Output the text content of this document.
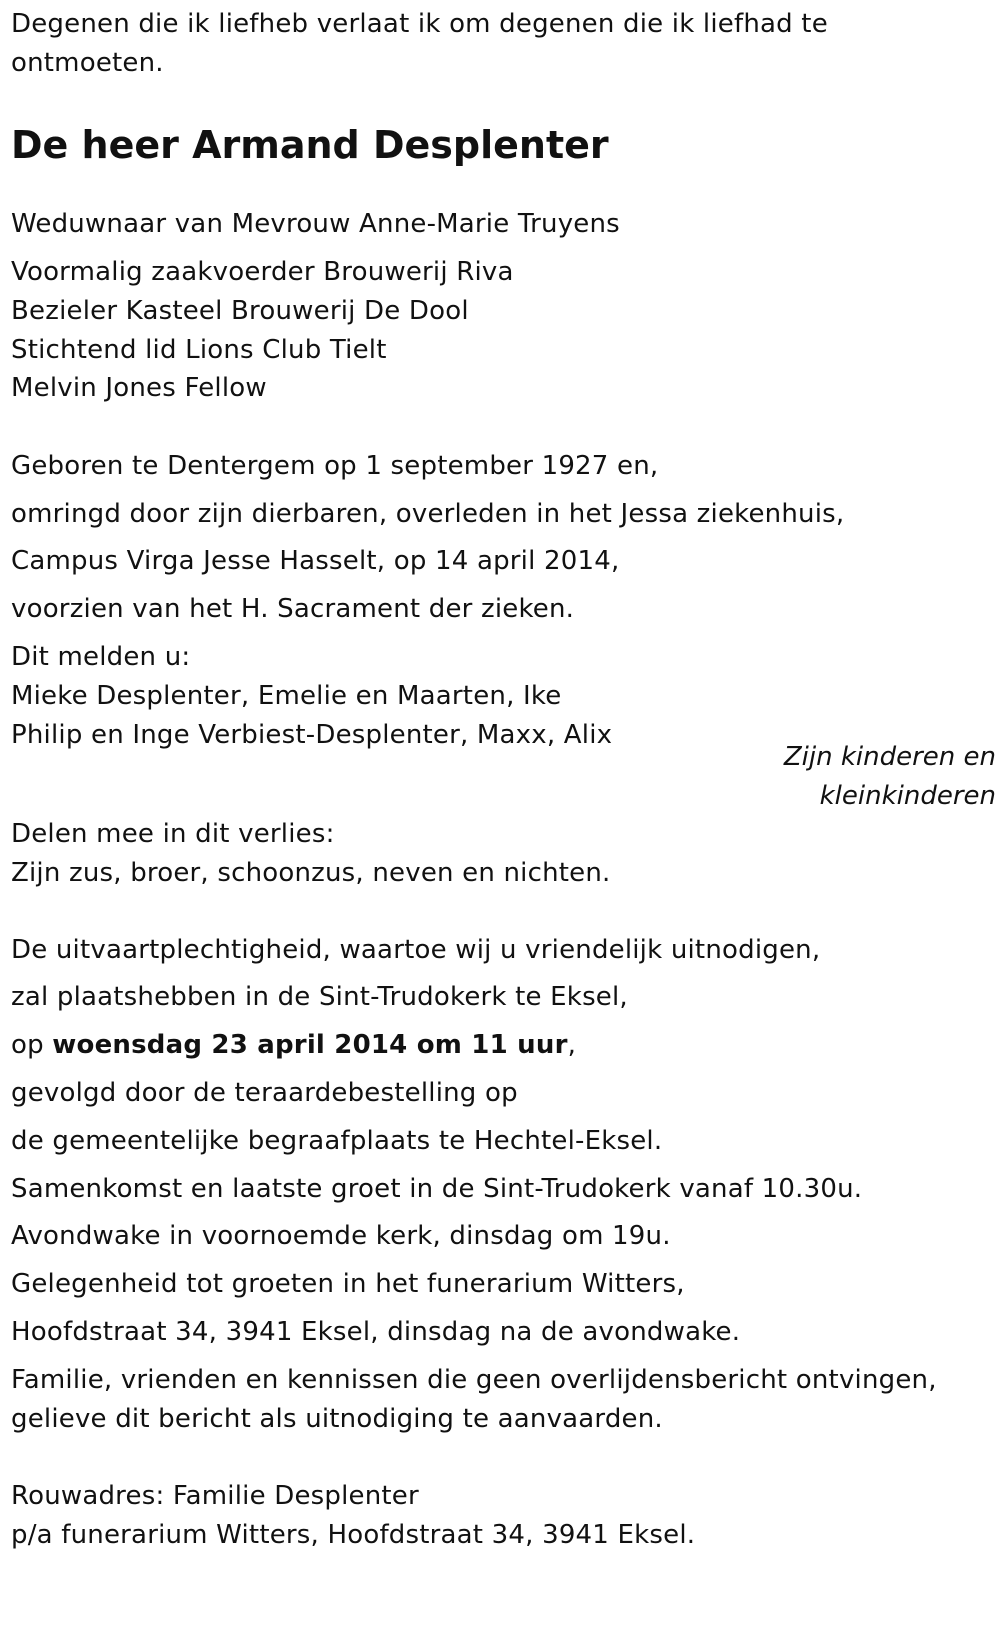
Degenen die ik liefheb verlaat ik om degenen die ik liefhad te

ontmoeten.

De heer Armand Desplenter

Weduwnaar van Mevrouw Anne-Marie Truyens

Voormalig zaakvoerder Brouwerij Riva

Bezieler Kasteel Brouwerij De Dool

Stichtend lid Lions Club Tielt

Melvin Jones Fellow

Geboren te Dentergem op 1 september 1927 en,

omringd door zijn dierbaren, overleden in het Jessa ziekenhuis,

Campus Virga Jesse Hasselt, op 14 april 2014,

voorzien van het H. Sacrament der zieken.

Dit melden u:

Mieke Desplenter, Emelie en Maarten, Ike

Philip en Inge Verbiest-Desplenter, Maxx, Alix

Zijn kinderen en

kleinkinderen

Delen mee in dit verlies:

Zijn zus, broer, schoonzus, neven en nichten.

De uitvaartplechtigheid, waartoe wij u vriendelijk uitnodigen,

zal plaatshebben in de Sint-Trudokerk te Eksel,

op woensdag 23 april 2014 om 11 uur,

gevolgd door de teraardebestelling op

de gemeentelijke begraafplaats te Hechtel-Eksel.

Samenkomst en laatste groet in de Sint-Trudokerk vanaf 10.30u.

Avondwake in voornoemde kerk, dinsdag om 19u.

Gelegenheid tot groeten in het funerarium Witters,

Hoofdstraat 34, 3941 Eksel, dinsdag na de avondwake.

Familie, vrienden en kennissen die geen overlijdensbericht ontvingen,

gelieve dit bericht als uitnodiging te aanvaarden.

Rouwadres: Familie Desplenter

p/a funerarium Witters, Hoofdstraat 34, 3941 Eksel.
